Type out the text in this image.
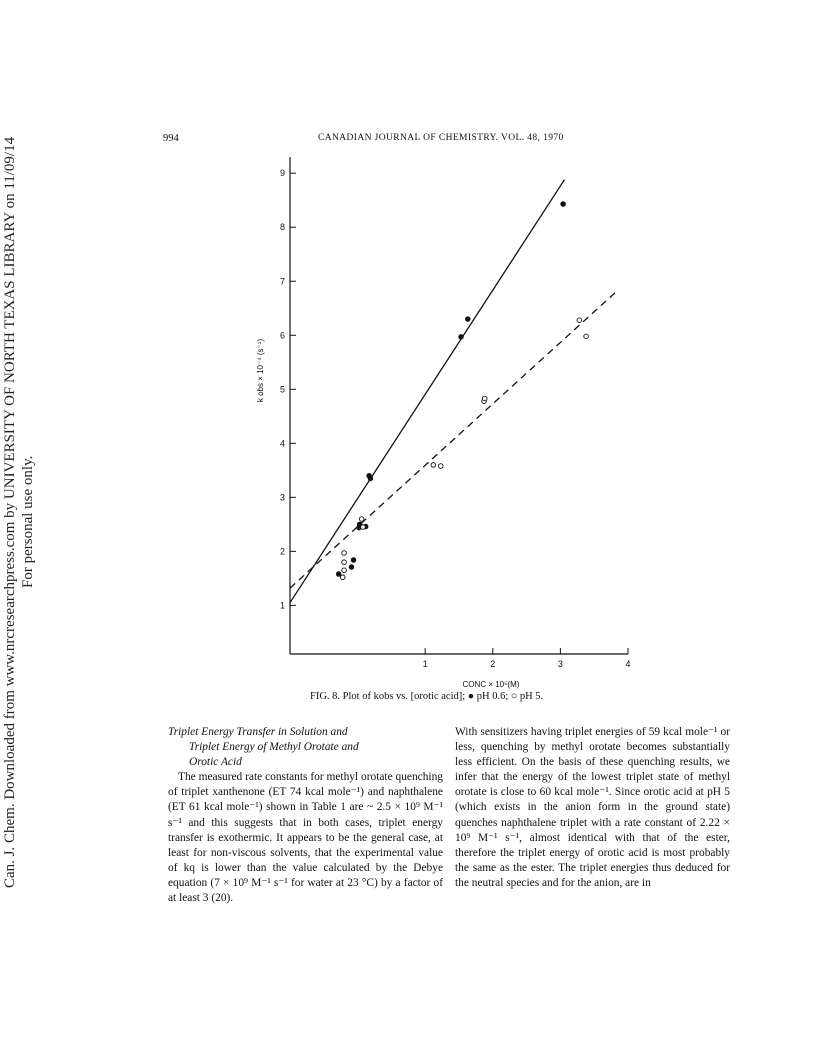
Can. J. Chem. Downloaded from www.nrcresearchpress.com by UNIVERSITY OF NORTH TEXAS LIBRARY on 11/09/14 For personal use only.
994	CANADIAN JOURNAL OF CHEMISTRY. VOL. 48, 1970
1
2
3
4
5
6
7
8
9
1	2	3	4
CONC × 10⁵(M)
k obs × 10⁻⁴ (s⁻¹)
FIG. 8. Plot of kobs vs. [orotic acid]; ● pH 0.6; ○ pH 5.
Triplet Energy Transfer in Solution and
Triplet Energy of Methyl Orotate and
Orotic Acid

The measured rate constants for methyl orotate quenching of triplet xanthenone (ET 74 kcal mole⁻¹) and naphthalene (ET 61 kcal mole⁻¹) shown in Table 1 are ~ 2.5 × 10⁹ M⁻¹ s⁻¹ and this suggests that in both cases, triplet energy transfer is exothermic. It appears to be the general case, at least for non-viscous solvents, that the experimental value of kq is lower than the value calculated by the Debye equation (7 × 10⁹ M⁻¹ s⁻¹ for water at 23 °C) by a factor of at least 3 (20).

With sensitizers having triplet energies of 59 kcal mole⁻¹ or less, quenching by methyl orotate becomes substantially less efficient. On the basis of these quenching results, we infer that the energy of the lowest triplet state of methyl orotate is close to 60 kcal mole⁻¹. Since orotic acid at pH 5 (which exists in the anion form in the ground state) quenches naphthalene triplet with a rate constant of 2.22 × 10⁹ M⁻¹ s⁻¹, almost identical with that of the ester, therefore the triplet energy of orotic acid is most probably the same as the ester. The triplet energies thus deduced for the neutral species and for the anion, are in
